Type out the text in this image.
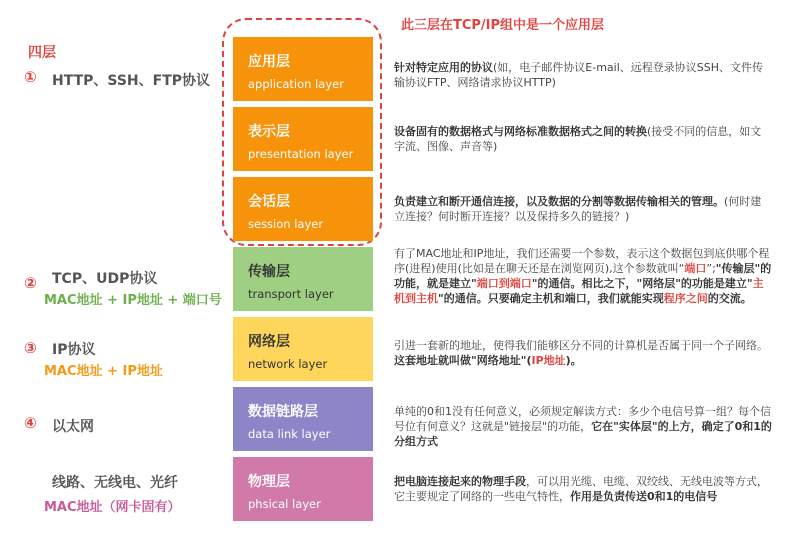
此三层在TCP/IP组中是一个应用层
四层
① HTTP、SSH、FTP协议
② TCP、UDP协议
MAC地址 + IP地址 + 端口号
③ IP协议
MAC地址 + IP地址
④ 以太网
线路、无线电、光纤
MAC地址（网卡固有）
应用层
application layer
表示层
presentation layer
会话层
session layer
传输层
transport layer
网络层
network layer
数据链路层
data link layer
物理层
phsical layer
针对特定应用的协议(如，电子邮件协议E-mail、远程登录协议SSH、文件传输协议FTP、网络请求协议HTTP)
设备固有的数据格式与网络标准数据格式之间的转换(接受不同的信息，如文字流、图像、声音等)
负责建立和断开通信连接，以及数据的分割等数据传输相关的管理。(何时建立连接？何时断开连接？以及保持多久的链接？)
有了MAC地址和IP地址，我们还需要一个参数，表示这个数据包到底供哪个程序(进程)使用(比如是在聊天还是在浏览网页),这个参数就叫“端口”;"传输层"的功能，就是建立"端口到端口"的通信。相比之下，"网络层"的功能是建立"主机到主机"的通信。只要确定主机和端口，我们就能实现程序之间的交流。
引进一套新的地址，使得我们能够区分不同的计算机是否属于同一个子网络。这套地址就叫做"网络地址"(IP地址)。
单纯的0和1没有任何意义，必须规定解读方式：多少个电信号算一组？每个信号位有何意义？这就是"链接层"的功能，它在"实体层"的上方，确定了0和1的分组方式
把电脑连接起来的物理手段，可以用光缆、电缆、双绞线、无线电波等方式，它主要规定了网络的一些电气特性，作用是负责传送0和1的电信号
